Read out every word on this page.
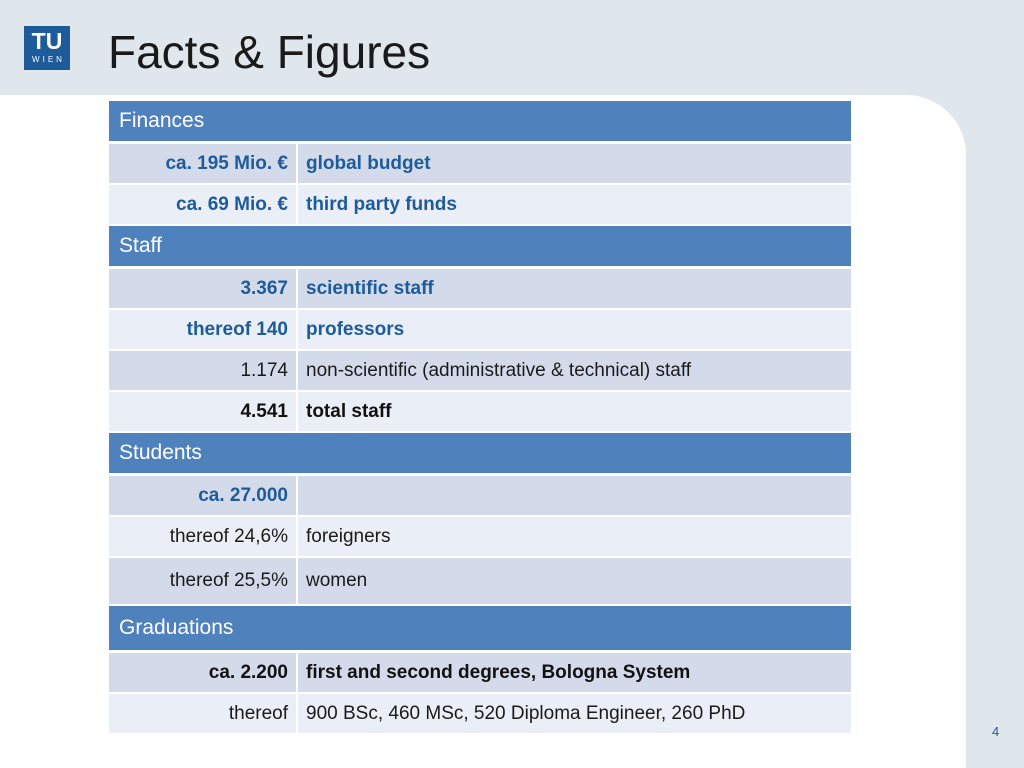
TU
WIEN Facts & Figures
Finances	
ca. 195 Mio. €	global budget
ca. 69 Mio. €	third party funds
Staff	
3.367	scientific staff
thereof 140	professors
1.174	non-scientific (administrative & technical) staff
4.541	total staff
Students	
ca. 27.000	
thereof 24,6%	foreigners
thereof 25,5%	women
Graduations	
ca. 2.200	first and second degrees, Bologna System
thereof	900 BSc, 460 MSc, 520 Diploma Engineer, 260 PhD
4
